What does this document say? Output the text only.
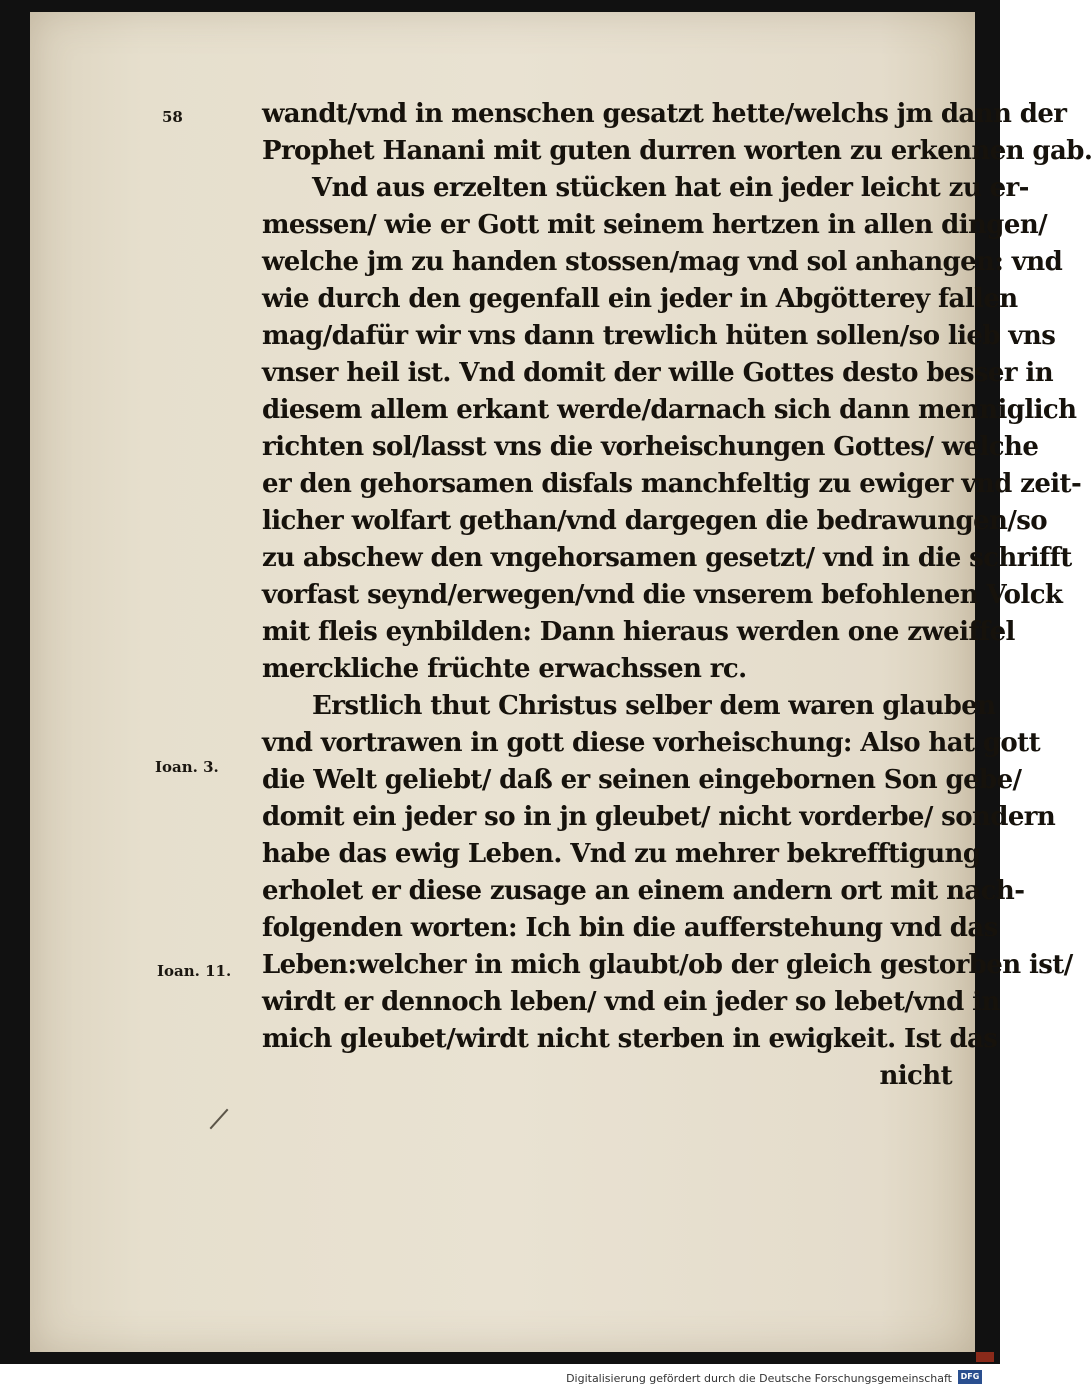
58
Ioan. 3.
Ioan. 11.
wandt/vnd in menschen gesatzt hette/welchs jm dann der
Prophet Hanani mit guten durren worten zu erkennen gab.
Vnd aus erzelten stücken hat ein jeder leicht zu er-
messen/ wie er Gott mit seinem hertzen in allen dingen/
welche jm zu handen stossen/mag vnd sol anhangen: vnd
wie durch den gegenfall ein jeder in Abgötterey fallen
mag/dafür wir vns dann trewlich hüten sollen/so lieb vns
vnser heil ist. Vnd domit der wille Gottes desto besser in
diesem allem erkant werde/darnach sich dann menniglich
richten sol/lasst vns die vorheischungen Gottes/ welche
er den gehorsamen disfals manchfeltig zu ewiger vnd zeit-
licher wolfart gethan/vnd dargegen die bedrawungen/so
zu abschew den vngehorsamen gesetzt/ vnd in die schrifft
vorfast seynd/erwegen/vnd die vnserem befohlenen Volck
mit fleis eynbilden: Dann hieraus werden one zweiffel
merckliche früchte erwachssen rc.
Erstlich thut Christus selber dem waren glauben
vnd vortrawen in gott diese vorheischung: Also hat gott
die Welt geliebt/ daß er seinen eingebornen Son gebe/
domit ein jeder so in jn gleubet/ nicht vorderbe/ sondern
habe das ewig Leben. Vnd zu mehrer bekrefftigung
erholet er diese zusage an einem andern ort mit nach-
folgenden worten: Ich bin die aufferstehung vnd das
Leben:welcher in mich glaubt/ob der gleich gestorben ist/
wirdt er dennoch leben/ vnd ein jeder so lebet/vnd in
mich gleubet/wirdt nicht sterben in ewigkeit. Ist das
nicht
Digitalisierung gefördert durch die Deutsche Forschungsgemeinschaft	DFG
